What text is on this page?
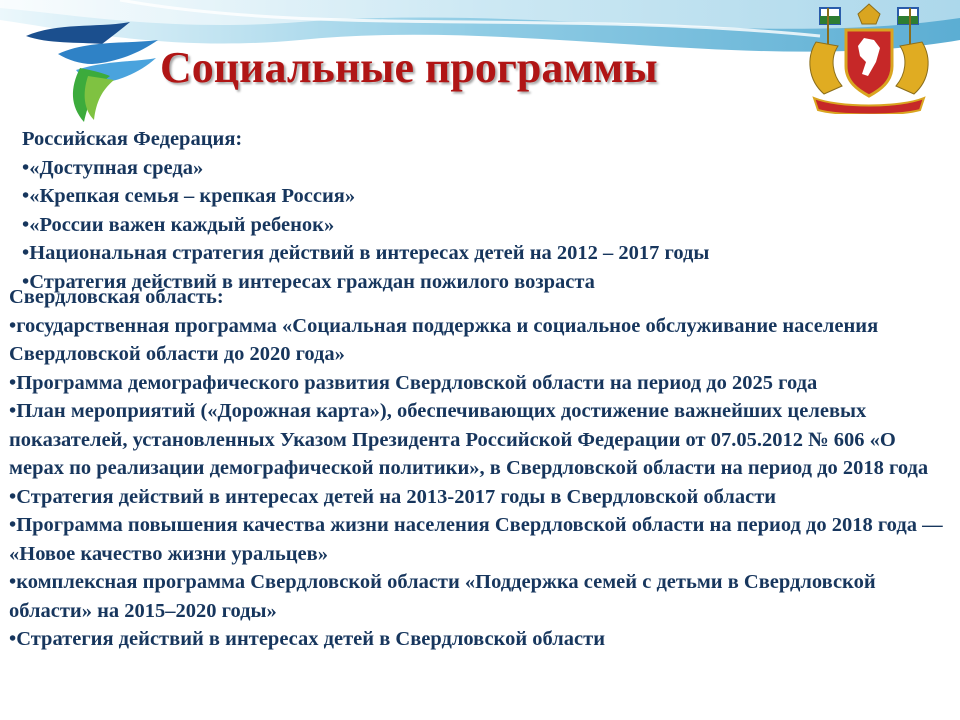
Социальные программы
Российская Федерация:
•«Доступная среда»
•«Крепкая семья – крепкая Россия»
•«России важен каждый ребенок»
•Национальная стратегия действий в интересах детей на 2012 – 2017 годы
•Стратегия действий в интересах граждан пожилого возраста
Свердловская область:
•государственная программа «Социальная поддержка и социальное обслуживание населения Свердловской области до 2020 года»
•Программа демографического развития Свердловской области на период до 2025 года
•План мероприятий («Дорожная карта»), обеспечивающих достижение важнейших целевых показателей, установленных Указом Президента Российской Федерации от 07.05.2012 № 606 «О мерах по реализации демографической политики», в Свердловской области на период до 2018 года
•Стратегия действий в интересах детей на 2013-2017 годы в Свердловской области
•Программа повышения качества жизни населения Свердловской области на период до 2018 года — «Новое качество жизни уральцев»
•комплексная программа Свердловской области «Поддержка семей с детьми в Свердловской области» на 2015–2020 годы»
•Стратегия действий в интересах детей в Свердловской области
